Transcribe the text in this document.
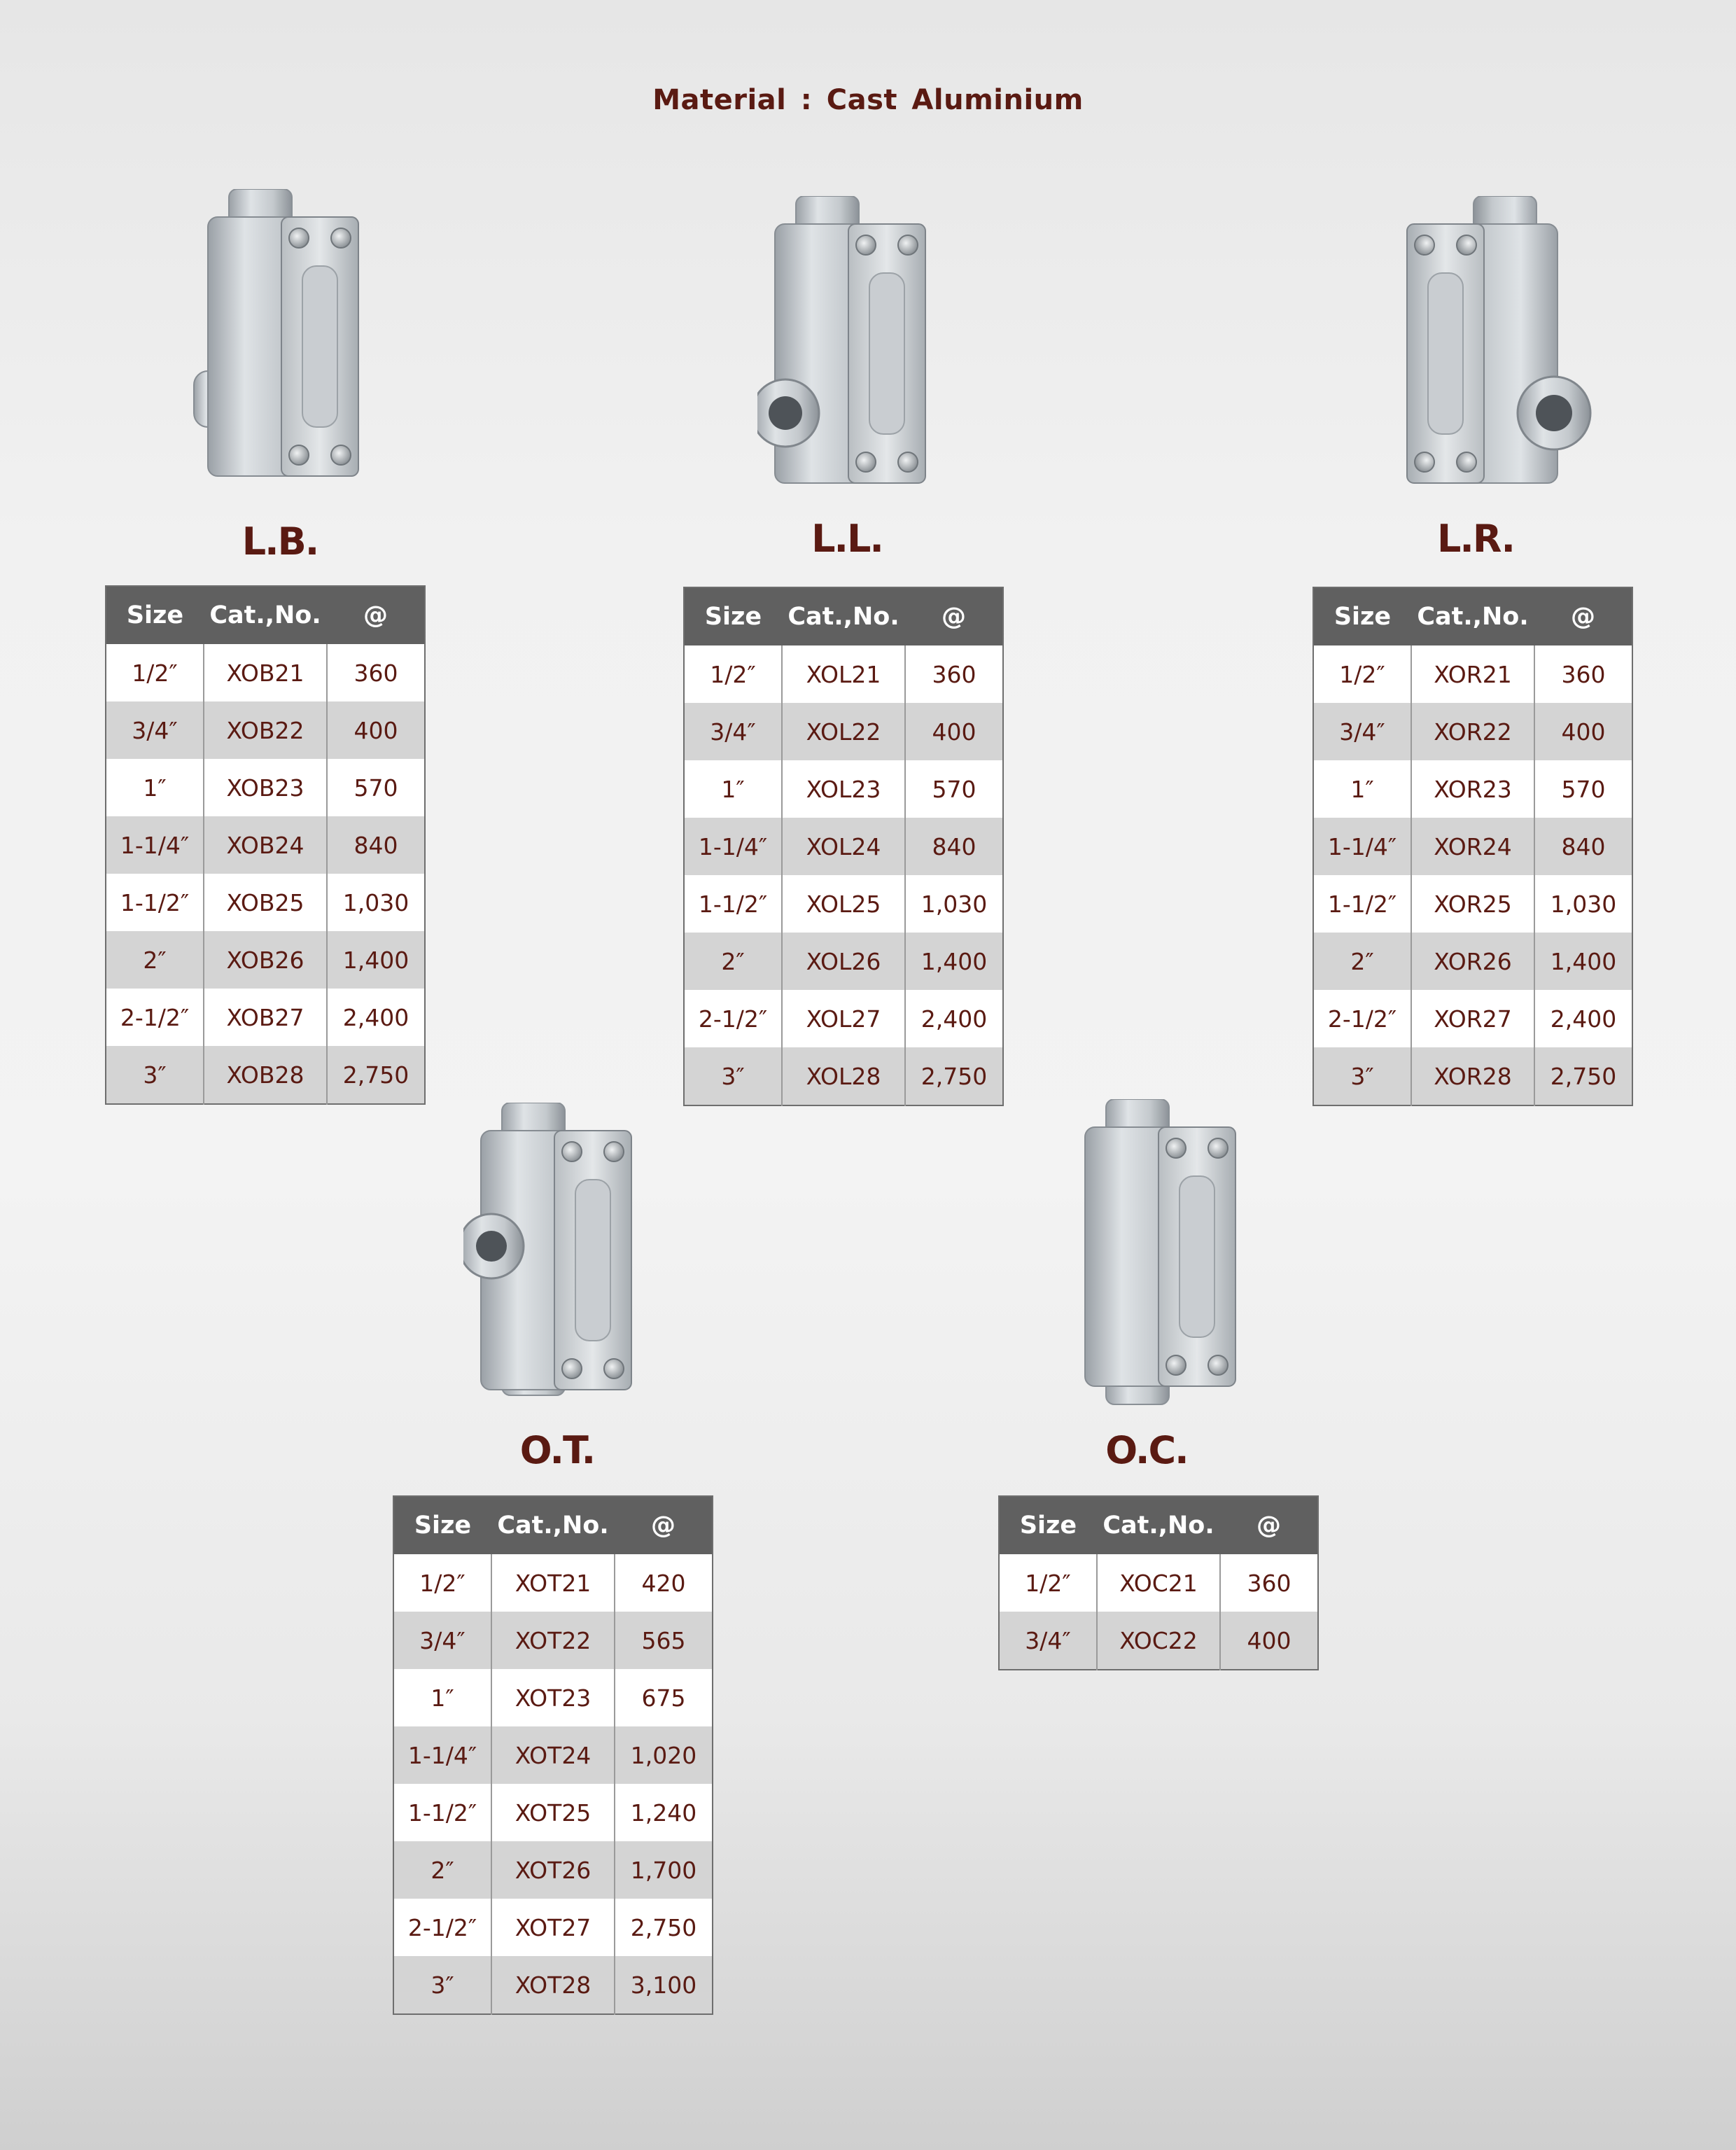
Material : Cast Aluminium
L.B.
Size	Cat.,No.	@
1/2″	XOB21	360
3/4″	XOB22	400
1″	XOB23	570
1-1/4″	XOB24	840
1-1/2″	XOB25	1,030
2″	XOB26	1,400
2-1/2″	XOB27	2,400
3″	XOB28	2,750
L.L.
Size	Cat.,No.	@
1/2″	XOL21	360
3/4″	XOL22	400
1″	XOL23	570
1-1/4″	XOL24	840
1-1/2″	XOL25	1,030
2″	XOL26	1,400
2-1/2″	XOL27	2,400
3″	XOL28	2,750
L.R.
Size	Cat.,No.	@
1/2″	XOR21	360
3/4″	XOR22	400
1″	XOR23	570
1-1/4″	XOR24	840
1-1/2″	XOR25	1,030
2″	XOR26	1,400
2-1/2″	XOR27	2,400
3″	XOR28	2,750
O.T.
Size	Cat.,No.	@
1/2″	XOT21	420
3/4″	XOT22	565
1″	XOT23	675
1-1/4″	XOT24	1,020
1-1/2″	XOT25	1,240
2″	XOT26	1,700
2-1/2″	XOT27	2,750
3″	XOT28	3,100
O.C.
Size	Cat.,No.	@
1/2″	XOC21	360
3/4″	XOC22	400
